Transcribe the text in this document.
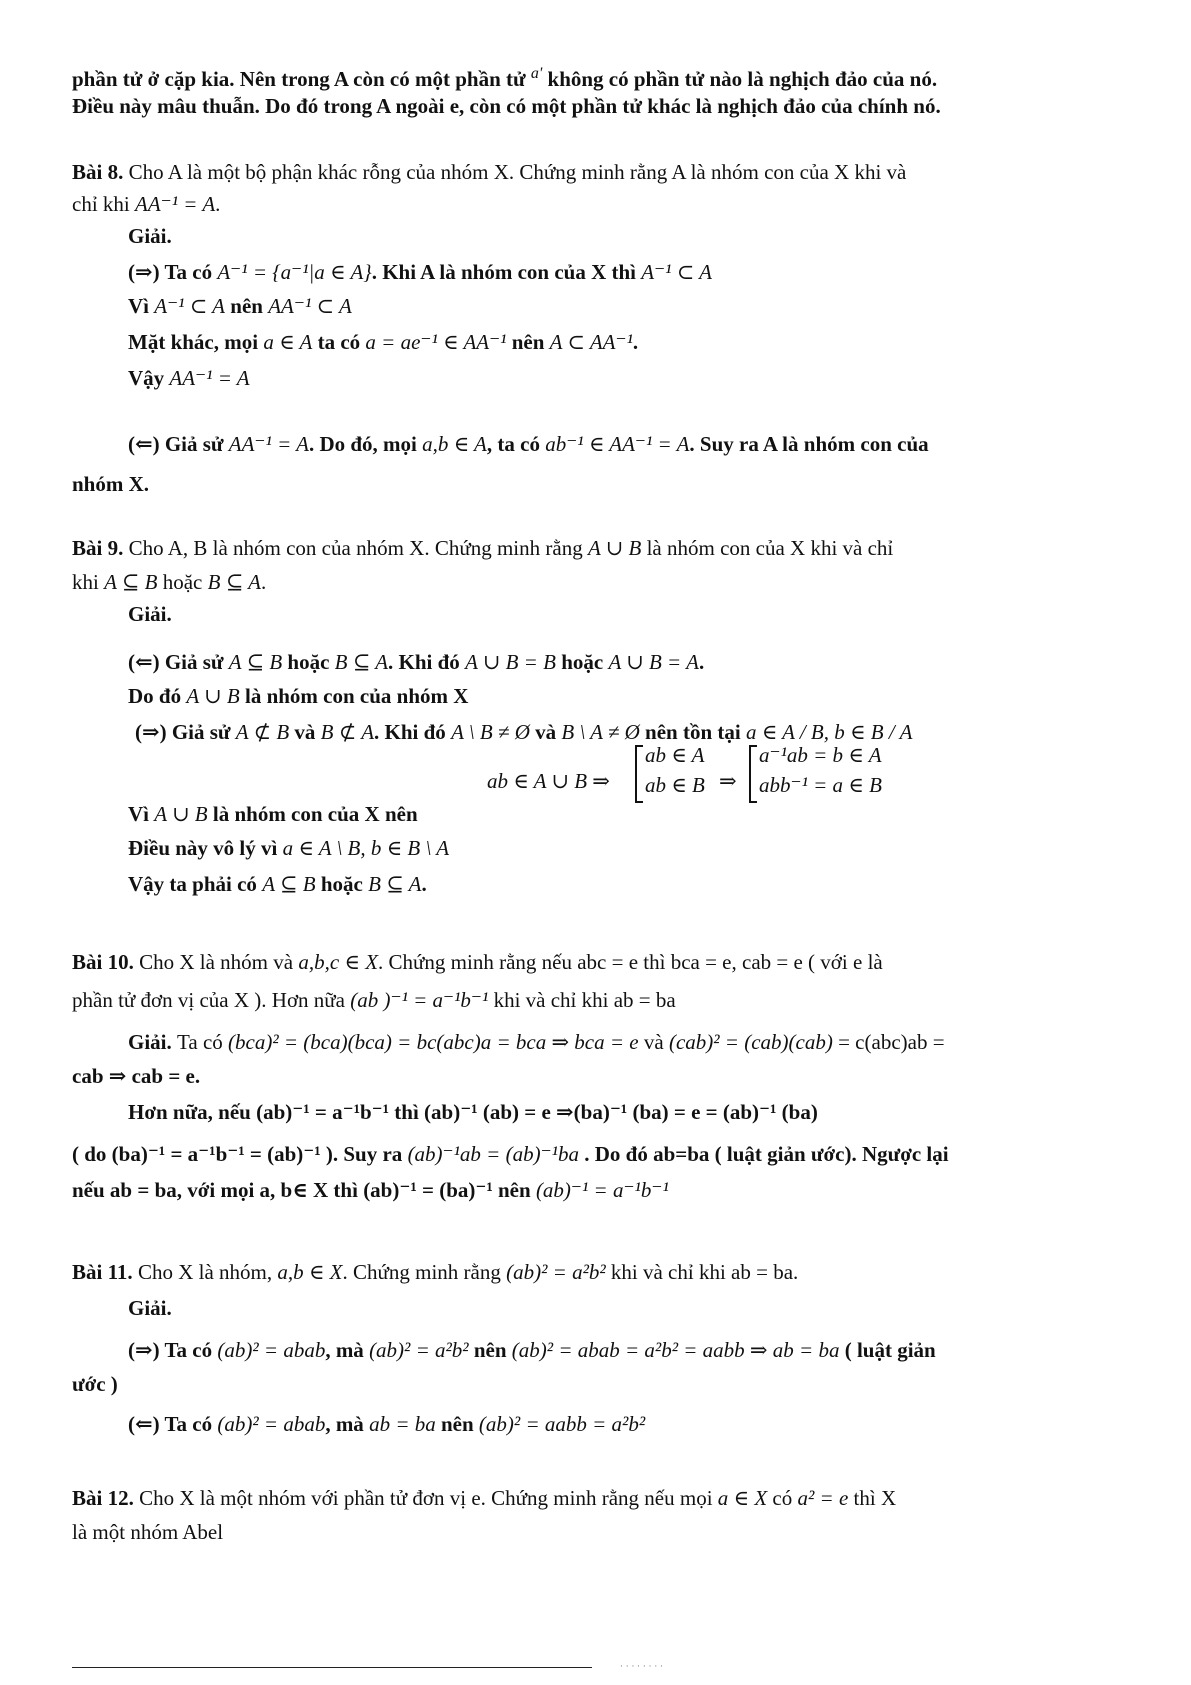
phần tử ở cặp kia. Nên trong A còn có một phần tử $^{a'}$ không có phần tử nào là nghịch đảo của nó.
Điều này mâu thuẫn. Do đó trong A ngoài e, còn có một phần tử khác là nghịch đảo của chính nó.
Bài 8. Cho A là một bộ phận khác rỗng của nhóm X. Chứng minh rằng A là nhóm con của X khi và
chỉ khi AA⁻¹ = A.
Giải.
(⇒) Ta có A⁻¹ = {a⁻¹|a ∈ A}. Khi A là nhóm con của X thì A⁻¹ ⊂ A
Vì A⁻¹ ⊂ A nên AA⁻¹ ⊂ A
Mặt khác, mọi a ∈ A ta có a = ae⁻¹ ∈ AA⁻¹ nên A ⊂ AA⁻¹.
Vậy AA⁻¹ = A
(⇐) Giả sử AA⁻¹ = A. Do đó, mọi a,b ∈ A, ta có ab⁻¹ ∈ AA⁻¹ = A. Suy ra A là nhóm con của
nhóm X.
Bài 9. Cho A, B là nhóm con của nhóm X. Chứng minh rằng A ∪ B là nhóm con của X khi và chỉ
khi A ⊆ B hoặc B ⊆ A.
Giải.
(⇐) Giả sử A ⊆ B hoặc B ⊆ A. Khi đó A ∪ B = B hoặc A ∪ B = A.
Do đó A ∪ B là nhóm con của nhóm X
(⇒) Giả sử A ⊄ B và B ⊄ A. Khi đó A \ B ≠ Ø và B \ A ≠ Ø nên tồn tại a ∈ A / B, b ∈ B / A
ab ∈ A ∪ B ⇒
ab ∈ A
ab ∈ B ⇒
a⁻¹ab = b ∈ A
abb⁻¹ = a ∈ B
Vì A ∪ B là nhóm con của X nên
Điều này vô lý vì a ∈ A \ B, b ∈ B \ A
Vậy ta phải có A ⊆ B hoặc B ⊆ A.
Bài 10. Cho X là nhóm và a,b,c ∈ X. Chứng minh rằng nếu abc = e thì bca = e, cab = e ( với e là
phần tử đơn vị của X ). Hơn nữa (ab )⁻¹ = a⁻¹b⁻¹ khi và chỉ khi ab = ba
Giải. Ta có (bca)² = (bca)(bca) = bc(abc)a = bca ⇒ bca = e và (cab)² = (cab)(cab) = c(abc)ab =
cab ⇒ cab = e.
Hơn nữa, nếu (ab)⁻¹ = a⁻¹b⁻¹ thì (ab)⁻¹ (ab) = e ⇒(ba)⁻¹ (ba) = e = (ab)⁻¹ (ba)
( do (ba)⁻¹ = a⁻¹b⁻¹ = (ab)⁻¹ ). Suy ra (ab)⁻¹ab = (ab)⁻¹ba . Do đó ab=ba ( luật giản ước). Ngược lại
nếu ab = ba, với mọi a, b∈ X thì (ab)⁻¹ = (ba)⁻¹ nên (ab)⁻¹ = a⁻¹b⁻¹
Bài 11. Cho X là nhóm, a,b ∈ X. Chứng minh rằng (ab)² = a²b² khi và chỉ khi ab = ba.
Giải.
(⇒) Ta có (ab)² = abab, mà (ab)² = a²b² nên (ab)² = abab = a²b² = aabb ⇒ ab = ba ( luật giản
ước )
(⇐) Ta có (ab)² = abab, mà ab = ba nên (ab)² = aabb = a²b²
Bài 12. Cho X là một nhóm với phần tử đơn vị e. Chứng minh rằng nếu mọi a ∈ X có a² = e thì X
là một nhóm Abel
· · · · · · · ·
